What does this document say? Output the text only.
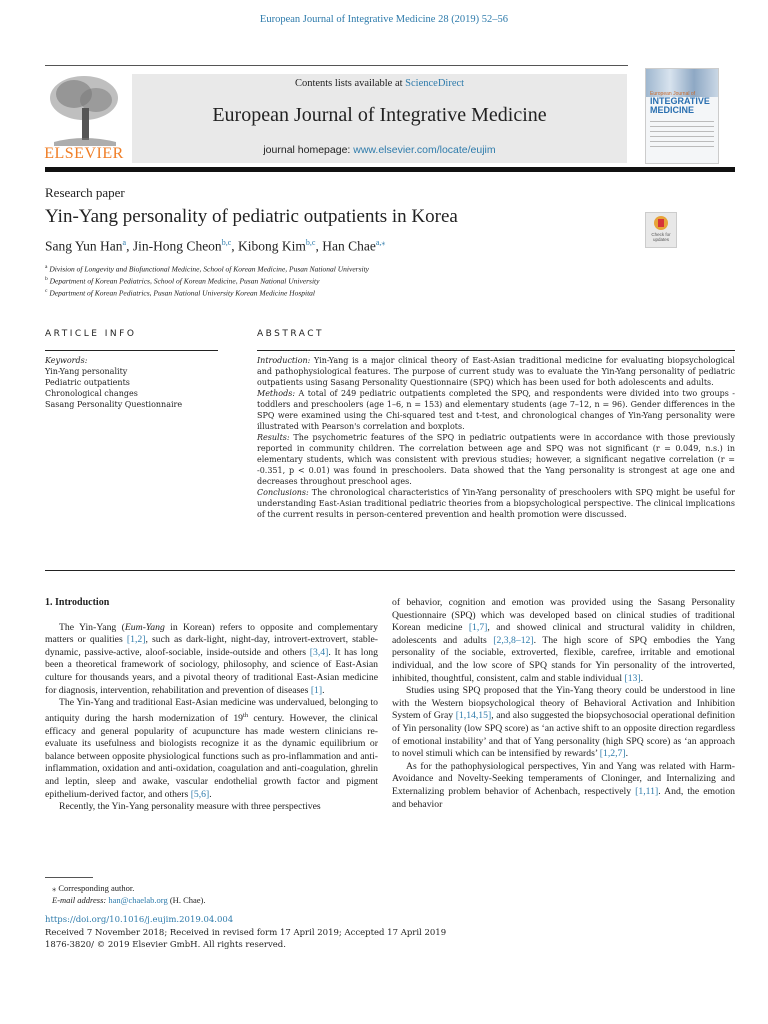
European Journal of Integrative Medicine 28 (2019) 52–56
ELSEVIER
Contents lists available at ScienceDirect
European Journal of Integrative Medicine
journal homepage: www.elsevier.com/locate/eujim
European Journal of
INTEGRATIVE
MEDICINE
Research paper
Yin-Yang personality of pediatric outpatients in Korea
Sang Yun Han$^a$, Jin-Hong Cheon$^{b,c}$, Kibong Kim$^{b,c}$, Han Chae$^{a,⁎}$
Check for updates
$^a$ Division of Longevity and Biofunctional Medicine, School of Korean Medicine, Pusan National University
$^b$ Department of Korean Pediatrics, School of Korean Medicine, Pusan National University
$^c$ Department of Korean Pediatrics, Pusan National University Korean Medicine Hospital
ARTICLE INFO	ABSTRACT
Keywords:
Yin-Yang personality
Pediatric outpatients
Chronological changes
Sasang Personality Questionnaire

Introduction: Yin-Yang is a major clinical theory of East-Asian traditional medicine for evaluating biopsychological and pathophysiological features. The purpose of current study was to evaluate the Yin-Yang personality of pediatric outpatients using Sasang Personality Questionnaire (SPQ) which has been used for both adolescents and adults.

Methods: A total of 249 pediatric outpatients completed the SPQ, and respondents were divided into two groups - toddlers and preschoolers (age 1–6, n = 153) and elementary students (age 7–12, n = 96). Gender differences in the SPQ were examined using the Chi-squared test and t-test, and chronological changes of Yin-Yang personality were illustrated with Pearson's correlation and boxplots.

Results: The psychometric features of the SPQ in pediatric outpatients were in accordance with those previously reported in community children. The correlation between age and SPQ was not significant (r = 0.049, n.s.) in elementary students, which was consistent with previous studies; however, a significant negative correlation (r = -0.351, p < 0.01) was found in preschoolers. Data showed that the Yang personality is strongest at age one and decreases throughout preschool ages.

Conclusions: The chronological characteristics of Yin-Yang personality of preschoolers with SPQ might be useful for understanding East-Asian traditional pediatric theories from a biopsychological perspective. The clinical implications of the current results in person-centered prevention and health promotion were discussed.

1. Introduction

The Yin-Yang (Eum-Yang in Korean) refers to opposite and complementary matters or qualities [1,2], such as dark-light, night-day, introvert-extrovert, stable-dynamic, passive-active, aloof-sociable, inside-outside and others [3,4]. It has long been a theoretical framework of sociology, philosophy, and science of East-Asian culture for thousands years, and a pivotal theory of traditional East-Asian medicine for diagnosis, intervention, rehabilitation and prevention of diseases [1].

The Yin-Yang and traditional East-Asian medicine was undervalued, belonging to antiquity during the harsh modernization of 19th century. However, the clinical efficacy and general popularity of acupuncture has made western clinicians re-evaluate its usefulness and biologists recognize it as the dynamic equilibrium or balance between opposite physiological functions such as pro-inflammation and anti-inflammation, oxidation and anti-oxidation, coagulation and anti-coagulation, ghrelin and leptin, sleep and awake, vascular endothelial growth factor and pigment epithelium-derived factor, and others [5,6].

Recently, the Yin-Yang personality measure with three perspectives

of behavior, cognition and emotion was provided using the Sasang Personality Questionnaire (SPQ) which was developed based on clinical studies of traditional Korean medicine [1,7], and showed clinical and structural validity in children, adolescents and adults [2,3,8–12]. The high score of SPQ embodies the Yang personality of the sociable, extroverted, flexible, carefree, irritable and emotional individual, and the low score of SPQ stands for Yin personality of the introverted, inhibited, thoughtful, consistent, calm and stable individual [13].

Studies using SPQ proposed that the Yin-Yang theory could be understood in line with the Western biopsychological theory of Behavioral Activation and Inhibition System of Gray [1,14,15], and also suggested the biopsychosocial operational definition of Yin personality (low SPQ score) as ‘an active shift to an opposite direction regardless of emotional instability’ and that of Yang personality (high SPQ score) as ‘an approach to novel stimuli which can be intensified by rewards’ [1,2,7].

As for the pathophysiological perspectives, Yin and Yang was related with Harm-Avoidance and Novelty-Seeking temperaments of Cloninger, and Internalizing and Externalizing problem behavior of Achenbach, respectively [1,11]. And, the emotion and behavior

⁎ Corresponding author.
E-mail address: han@chaelab.org (H. Chae).
https://doi.org/10.1016/j.eujim.2019.04.004
Received 7 November 2018; Received in revised form 17 April 2019; Accepted 17 April 2019
1876-3820/ © 2019 Elsevier GmbH. All rights reserved.
